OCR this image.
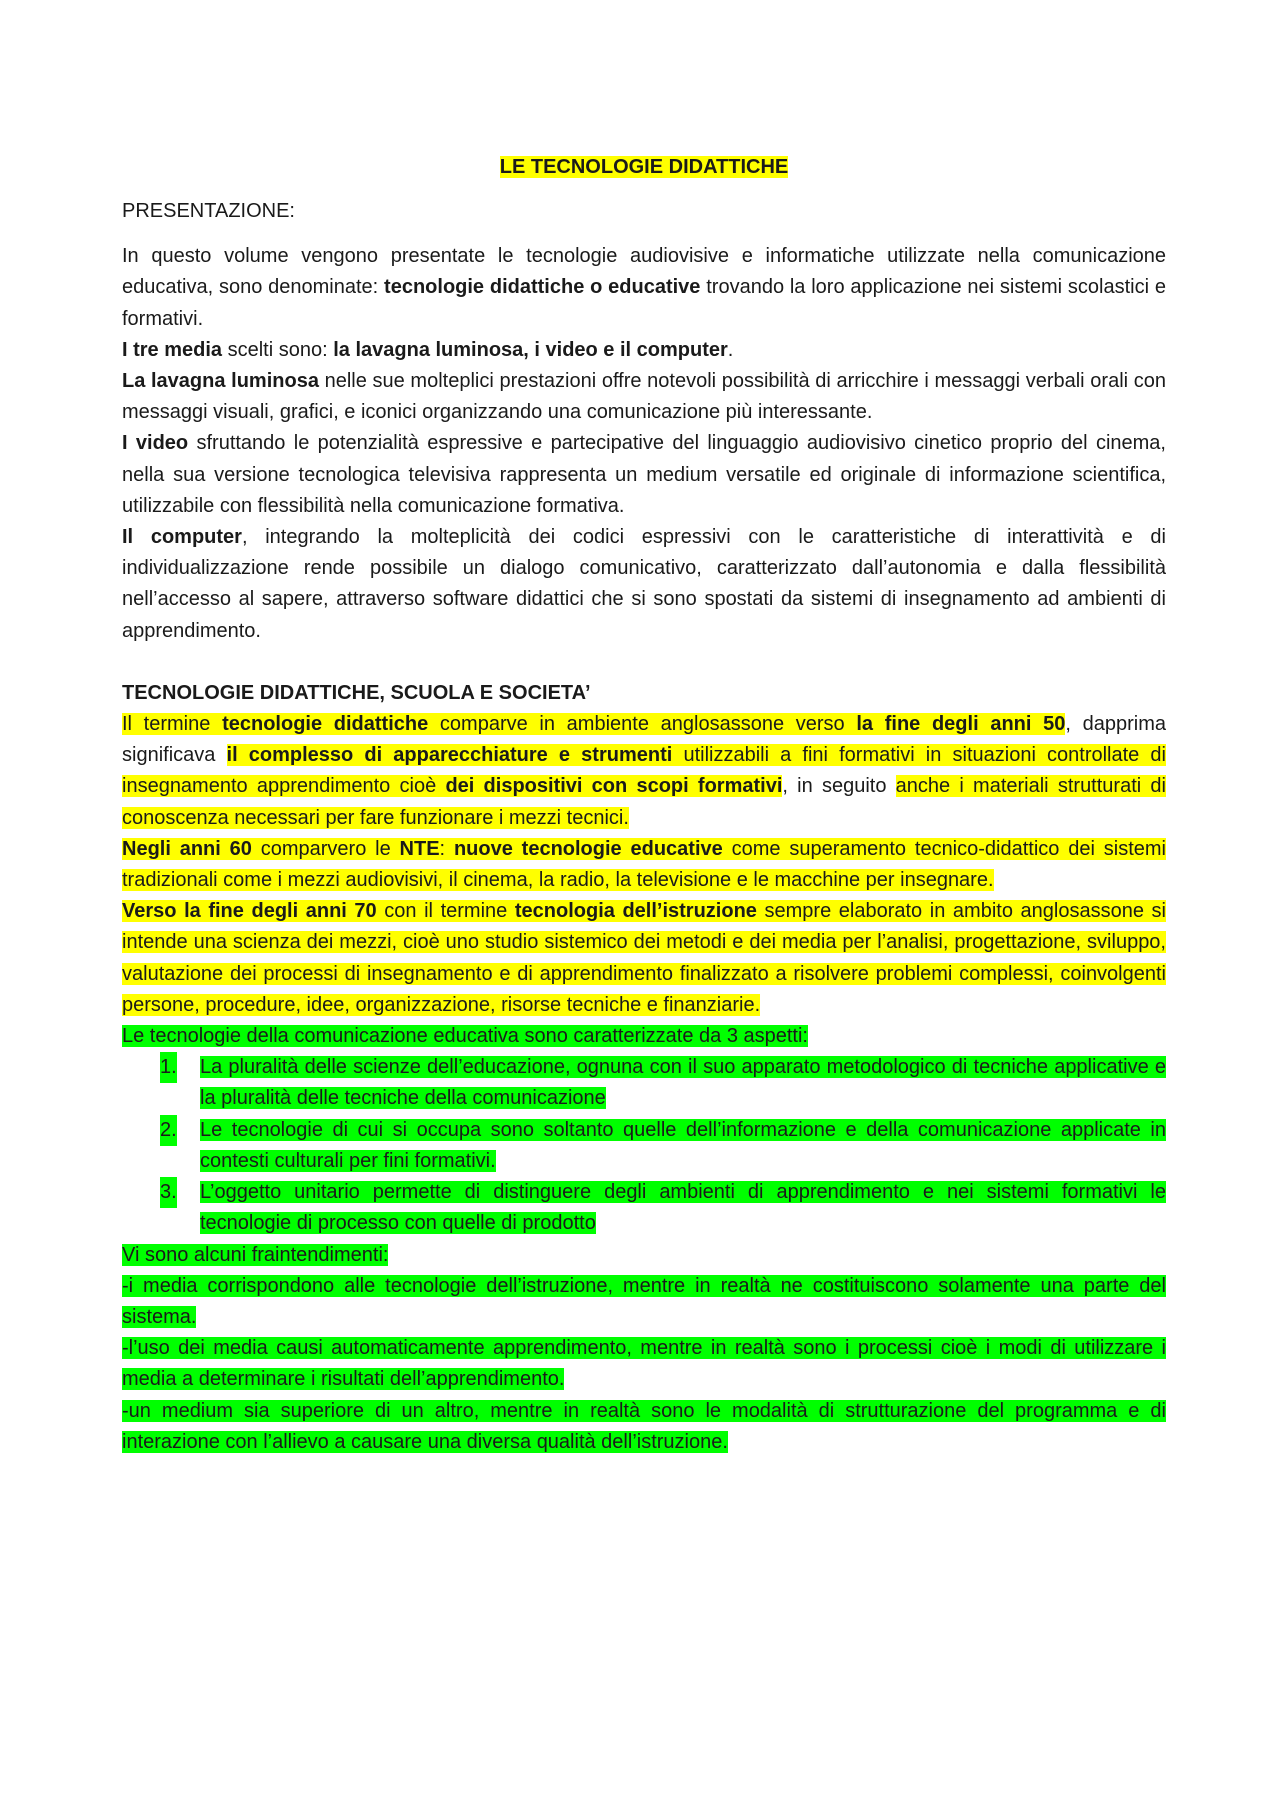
LE TECNOLOGIE DIDATTICHE

PRESENTAZIONE:

In questo volume vengono presentate le tecnologie audiovisive e informatiche utilizzate nella comunicazione educativa, sono denominate: tecnologie didattiche o educative trovando la loro applicazione nei sistemi scolastici e formativi.

I tre media scelti sono: la lavagna luminosa, i video e il computer.

La lavagna luminosa nelle sue molteplici prestazioni offre notevoli possibilità di arricchire i messaggi verbali orali con messaggi visuali, grafici, e iconici organizzando una comunicazione più interessante.

I video sfruttando le potenzialità espressive e partecipative del linguaggio audiovisivo cinetico proprio del cinema, nella sua versione tecnologica televisiva rappresenta un medium versatile ed originale di informazione scientifica, utilizzabile con flessibilità nella comunicazione formativa.

Il computer, integrando la molteplicità dei codici espressivi con le caratteristiche di interattività e di individualizzazione rende possibile un dialogo comunicativo, caratterizzato dall’autonomia e dalla flessibilità nell’accesso al sapere, attraverso software didattici che si sono spostati da sistemi di insegnamento ad ambienti di apprendimento.

TECNOLOGIE DIDATTICHE, SCUOLA E SOCIETA’

Il termine tecnologie didattiche comparve in ambiente anglosassone verso la fine degli anni 50, dapprima significava il complesso di apparecchiature e strumenti utilizzabili a fini formativi in situazioni controllate di insegnamento apprendimento cioè dei dispositivi con scopi formativi, in seguito anche i materiali strutturati di conoscenza necessari per fare funzionare i mezzi tecnici.

Negli anni 60 comparvero le NTE: nuove tecnologie educative come superamento tecnico-didattico dei sistemi tradizionali come i mezzi audiovisivi, il cinema, la radio, la televisione e le macchine per insegnare.

Verso la fine degli anni 70 con il termine tecnologia dell’istruzione sempre elaborato in ambito anglosassone si intende una scienza dei mezzi, cioè uno studio sistemico dei metodi e dei media per l’analisi, progettazione, sviluppo, valutazione dei processi di insegnamento e di apprendimento finalizzato a risolvere problemi complessi, coinvolgenti persone, procedure, idee, organizzazione, risorse tecniche e finanziarie.

Le tecnologie della comunicazione educativa sono caratterizzate da 3 aspetti:

1. La pluralità delle scienze dell’educazione, ognuna con il suo apparato metodologico di tecniche applicative e la pluralità delle tecniche della comunicazione
2. Le tecnologie di cui si occupa sono soltanto quelle dell’informazione e della comunicazione applicate in contesti culturali per fini formativi.
3. L’oggetto unitario permette di distinguere degli ambienti di apprendimento e nei sistemi formativi le tecnologie di processo con quelle di prodotto

Vi sono alcuni fraintendimenti:

-i media corrispondono alle tecnologie dell’istruzione, mentre in realtà ne costituiscono solamente una parte del sistema.

-l’uso dei media causi automaticamente apprendimento, mentre in realtà sono i processi cioè i modi di utilizzare i media a determinare i risultati dell’apprendimento.

-un medium sia superiore di un altro, mentre in realtà sono le modalità di strutturazione del programma e di interazione con l’allievo a causare una diversa qualità dell’istruzione.
